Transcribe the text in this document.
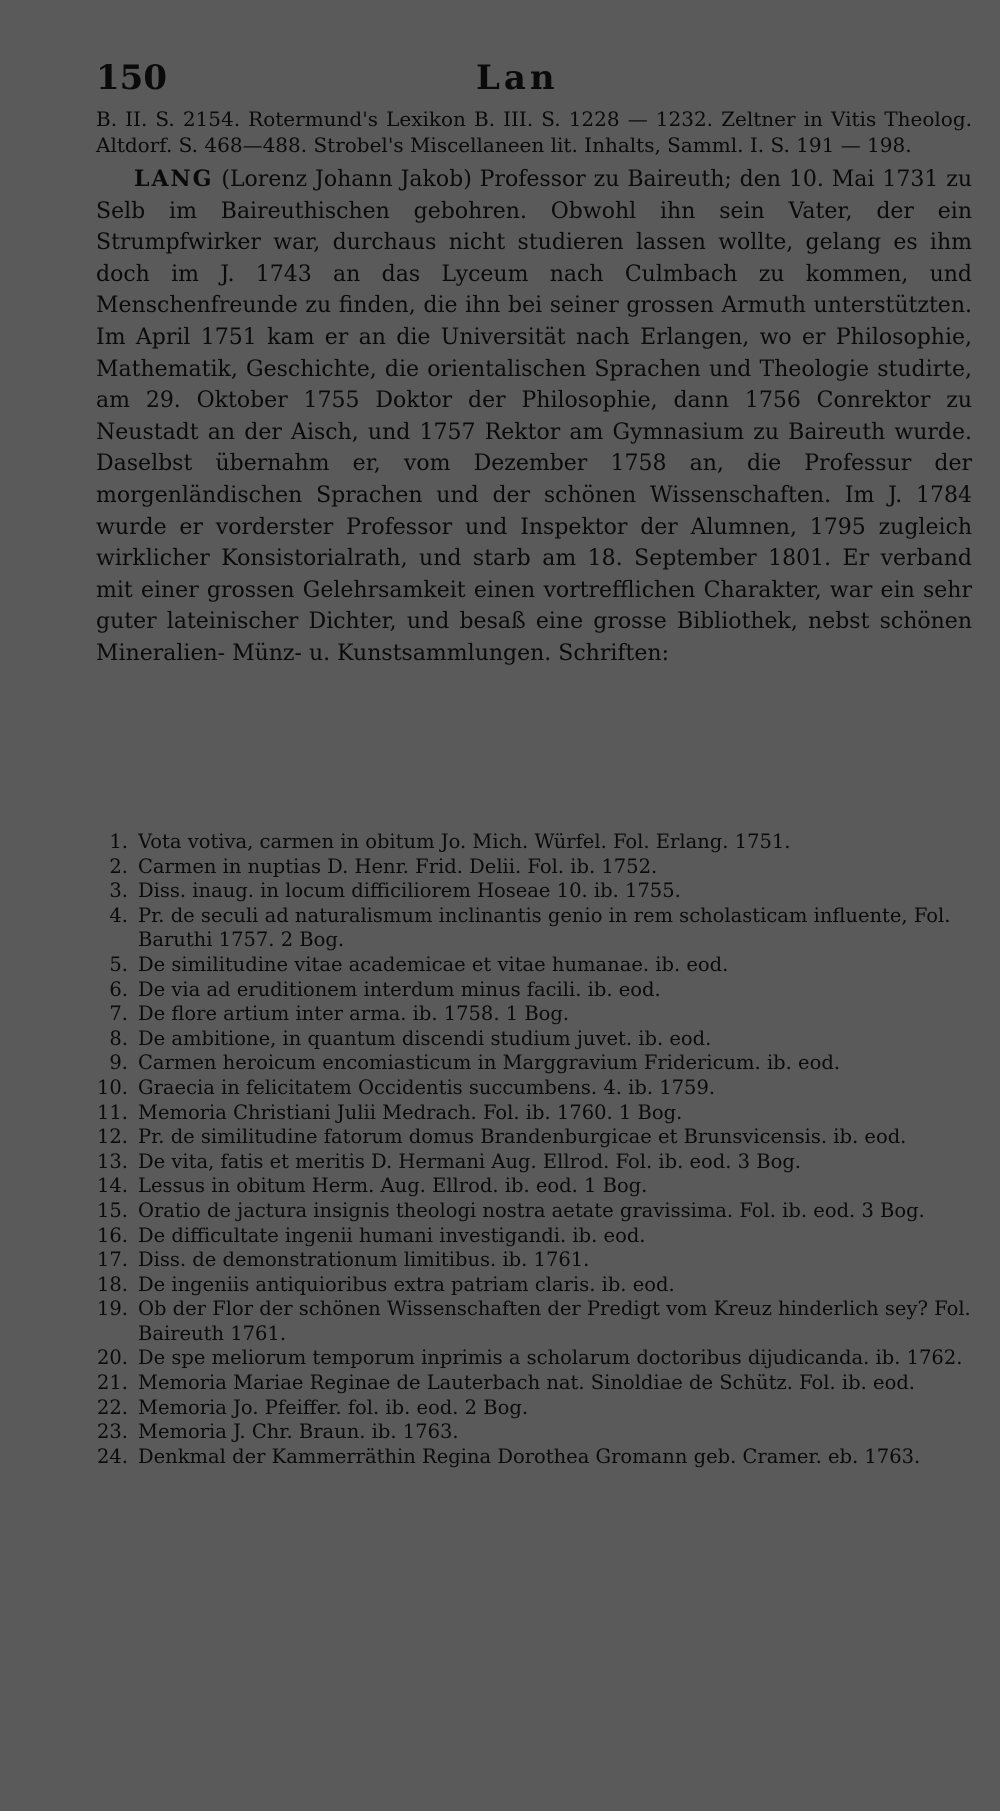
150	Lan

B. II. S. 2154. Rotermund's Lexikon B. III. S. 1228 — 1232. Zeltner in Vitis Theolog. Altdorf. S. 468—488. Strobel's Miscellaneen lit. Inhalts, Samml. I. S. 191 — 198.

LANG (Lorenz Johann Jakob) Professor zu Baireuth; den 10. Mai 1731 zu Selb im Baireuthischen gebohren. Obwohl ihn sein Vater, der ein Strumpfwirker war, durchaus nicht studieren lassen wollte, gelang es ihm doch im J. 1743 an das Lyceum nach Culmbach zu kommen, und Menschenfreunde zu finden, die ihn bei seiner grossen Armuth unterstützten. Im April 1751 kam er an die Universität nach Erlangen, wo er Philosophie, Mathematik, Geschichte, die orientalischen Sprachen und Theologie studirte, am 29. Oktober 1755 Doktor der Philosophie, dann 1756 Conrektor zu Neustadt an der Aisch, und 1757 Rektor am Gymnasium zu Baireuth wurde. Daselbst übernahm er, vom Dezember 1758 an, die Professur der morgenländischen Sprachen und der schönen Wissenschaften. Im J. 1784 wurde er vorderster Professor und Inspektor der Alumnen, 1795 zugleich wirklicher Konsistorialrath, und starb am 18. September 1801. Er verband mit einer grossen Gelehrsamkeit einen vortrefflichen Charakter, war ein sehr guter lateinischer Dichter, und besaß eine grosse Bibliothek, nebst schönen Mineralien- Münz- u. Kunstsammlungen. Schriften:

1. Vota votiva, carmen in obitum Jo. Mich. Würfel. Fol. Erlang. 1751.
2. Carmen in nuptias D. Henr. Frid. Delii. Fol. ib. 1752.
3. Diss. inaug. in locum difficiliorem Hoseae 10. ib. 1755.
4. Pr. de seculi ad naturalismum inclinantis genio in rem scholasticam influente, Fol. Baruthi 1757. 2 Bog.
5. De similitudine vitae academicae et vitae humanae. ib. eod.
6. De via ad eruditionem interdum minus facili. ib. eod.
7. De flore artium inter arma. ib. 1758. 1 Bog.
8. De ambitione, in quantum discendi studium juvet. ib. eod.
9. Carmen heroicum encomiasticum in Marggravium Fridericum. ib. eod.
10. Graecia in felicitatem Occidentis succumbens. 4. ib. 1759.
11. Memoria Christiani Julii Medrach. Fol. ib. 1760. 1 Bog.
12. Pr. de similitudine fatorum domus Brandenburgicae et Brunsvicensis. ib. eod.
13. De vita, fatis et meritis D. Hermani Aug. Ellrod. Fol. ib. eod. 3 Bog.
14. Lessus in obitum Herm. Aug. Ellrod. ib. eod. 1 Bog.
15. Oratio de jactura insignis theologi nostra aetate gravissima. Fol. ib. eod. 3 Bog.
16. De difficultate ingenii humani investigandi. ib. eod.
17. Diss. de demonstrationum limitibus. ib. 1761.
18. De ingeniis antiquioribus extra patriam claris. ib. eod.
19. Ob der Flor der schönen Wissenschaften der Predigt vom Kreuz hinderlich sey? Fol. Baireuth 1761.
20. De spe meliorum temporum inprimis a scholarum doctoribus dijudicanda. ib. 1762.
21. Memoria Mariae Reginae de Lauterbach nat. Sinoldiae de Schütz. Fol. ib. eod.
22. Memoria Jo. Pfeiffer. fol. ib. eod. 2 Bog.
23. Memoria J. Chr. Braun. ib. 1763.
24. Denkmal der Kammerräthin Regina Dorothea Gromann geb. Cramer. eb. 1763.
